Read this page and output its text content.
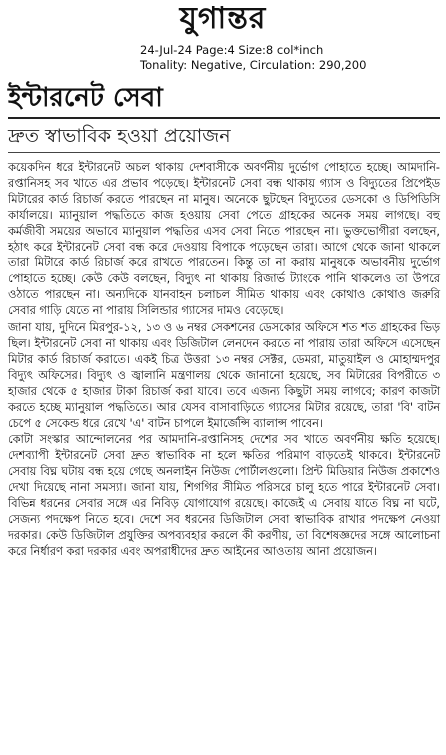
যুগান্তর
24-Jul-24 Page:4 Size:8 col*inch
Tonality: Negative, Circulation: 290,200
ইন্টারনেট সেবা
দ্রুত স্বাভাবিক হওয়া প্রয়োজন

কয়েকদিন ধরে ইন্টারনেট অচল থাকায় দেশবাসীকে অবর্ণনীয় দুর্ভোগ পোহাতে হচ্ছে। আমদানি-রপ্তানিসহ সব খাতে এর প্রভাব পড়েছে। ইন্টারনেট সেবা বন্ধ থাকায় গ্যাস ও বিদ্যুতের প্রিপেইড মিটারের কার্ড রিচার্জ করতে পারছেন না মানুষ। অনেকে ছুটছেন বিদ্যুতের ডেসকো ও ডিপিডিসি কার্যালয়ে। ম্যানুয়াল পদ্ধতিতে কাজ হওয়ায় সেবা পেতে গ্রাহকের অনেক সময় লাগছে। বহু কর্মজীবী সময়ের অভাবে ম্যানুয়াল পদ্ধতির এসব সেবা নিতে পারছেন না। ভুক্তভোগীরা বলছেন, হঠাৎ করে ইন্টারনেট সেবা বন্ধ করে দেওয়ায় বিপাকে পড়েছেন তারা। আগে থেকে জানা থাকলে তারা মিটারে কার্ড রিচার্জ করে রাখতে পারতেন। কিন্তু তা না করায় মানুষকে অভাবনীয় দুর্ভোগ পোহাতে হচ্ছে। কেউ কেউ বলছেন, বিদ্যুৎ না থাকায় রিজার্ভ ট্যাংকে পানি থাকলেও তা উপরে ওঠাতে পারছেন না। অন্যদিকে যানবাহন চলাচল সীমিত থাকায় এবং কোথাও কোথাও জরুরি সেবার গাড়ি যেতে না পারায় সিলিন্ডার গ্যাসের দামও বেড়েছে।

জানা যায়, দুদিনে মিরপুর-১২, ১৩ ও ৬ নম্বর সেকশনের ডেসকোর অফিসে শত শত গ্রাহকের ভিড় ছিল। ইন্টারনেট সেবা না থাকায় এবং ডিজিটাল লেনদেন করতে না পারায় তারা অফিসে এসেছেন মিটার কার্ড রিচার্জ করাতে। একই চিত্র উত্তরা ১৩ নম্বর সেক্টর, ডেমরা, মাতুয়াইল ও মোহাম্মদপুর বিদ্যুৎ অফিসের। বিদ্যুৎ ও জ্বালানি মন্ত্রণালয় থেকে জানানো হয়েছে, সব মিটারের বিপরীতে ৩ হাজার থেকে ৫ হাজার টাকা রিচার্জ করা যাবে। তবে এজন্য কিছুটা সময় লাগবে; কারণ কাজটা করতে হচ্ছে ম্যানুয়াল পদ্ধতিতে। আর যেসব বাসাবাড়িতে গ্যাসের মিটার রয়েছে, তারা 'বি' বাটন চেপে ৫ সেকেন্ড ধরে রেখে 'এ' বাটন চাপলে ইমার্জেন্সি ব্যালান্স পাবেন।

কোটা সংস্কার আন্দোলনের পর আমদানি-রপ্তানিসহ দেশের সব খাতে অবর্ণনীয় ক্ষতি হয়েছে। দেশব্যাপী ইন্টারনেট সেবা দ্রুত স্বাভাবিক না হলে ক্ষতির পরিমাণ বাড়তেই থাকবে। ইন্টারনেট সেবায় বিঘ্ন ঘটায় বন্ধ হয়ে গেছে অনলাইন নিউজ পোর্টালগুলো। প্রিন্ট মিডিয়ার নিউজ প্রকাশেও দেখা দিয়েছে নানা সমস্যা। জানা যায়, শিগগির সীমিত পরিসরে চালু হতে পারে ইন্টারনেট সেবা। বিভিন্ন ধরনের সেবার সঙ্গে এর নিবিড় যোগাযোগ রয়েছে। কাজেই এ সেবায় যাতে বিঘ্ন না ঘটে, সেজন্য পদক্ষেপ নিতে হবে। দেশে সব ধরনের ডিজিটাল সেবা স্বাভাবিক রাখার পদক্ষেপ নেওয়া দরকার। কেউ ডিজিটাল প্রযুক্তির অপব্যবহার করলে কী করণীয়, তা বিশেষজ্ঞদের সঙ্গে আলোচনা করে নির্ধারণ করা দরকার এবং অপরাধীদের দ্রুত আইনের আওতায় আনা প্রয়োজন।
